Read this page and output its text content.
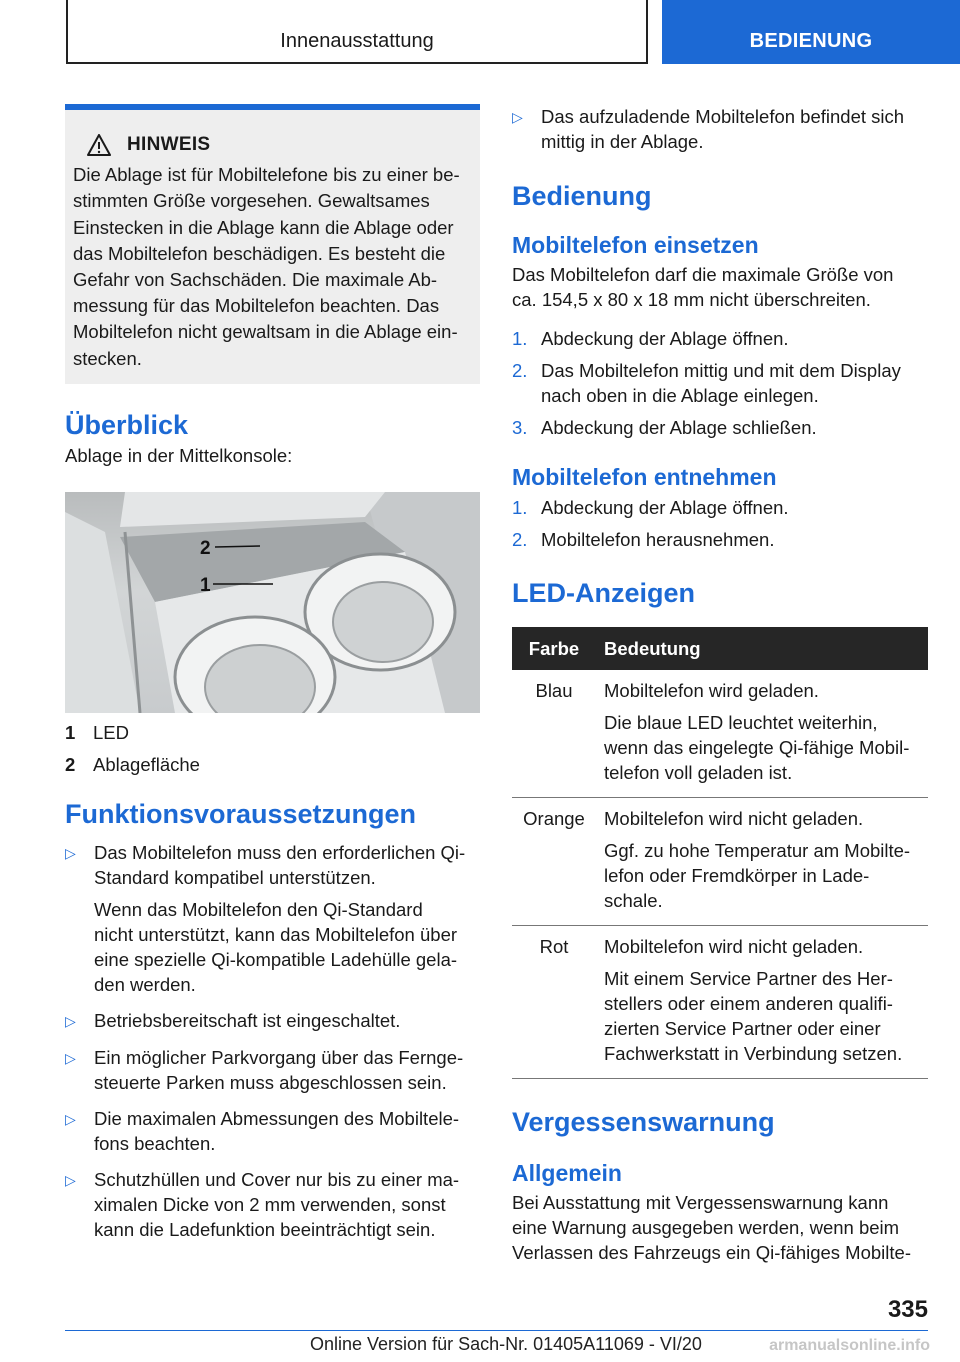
Innenausstattung	BEDIENUNG
HINWEIS
Die Ablage ist für Mobiltelefone bis zu einer be-
stimmten Größe vorgesehen. Gewaltsames
Einstecken in die Ablage kann die Ablage oder
das Mobiltelefon beschädigen. Es besteht die
Gefahr von Sachschäden. Die maximale Ab-
messung für das Mobiltelefon beachten. Das
Mobiltelefon nicht gewaltsam in die Ablage ein-
stecken.
Überblick

Ablage in der Mittelkonsole:

2
1
1 LED
2 Ablagefläche
Funktionsvoraussetzungen
▷ Das Mobiltelefon muss den erforderlichen Qi-
Standard kompatibel unterstützen.
Wenn das Mobiltelefon den Qi-Standard
nicht unterstützt, kann das Mobiltelefon über
eine spezielle Qi-kompatible Ladehülle gela-
den werden.
▷ Betriebsbereitschaft ist eingeschaltet.
▷ Ein möglicher Parkvorgang über das Fernge-
steuerte Parken muss abgeschlossen sein.
▷ Die maximalen Abmessungen des Mobiltele-
fons beachten.
▷ Schutzhüllen und Cover nur bis zu einer ma-
ximalen Dicke von 2 mm verwenden, sonst
kann die Ladefunktion beeinträchtigt sein.
▷ Das aufzuladende Mobiltelefon befindet sich
mittig in der Ablage.
Bedienung
Mobiltelefon einsetzen

Das Mobiltelefon darf die maximale Größe von
ca. 154,5 x 80 x 18 mm nicht überschreiten.

1. Abdeckung der Ablage öffnen.
2. Das Mobiltelefon mittig und mit dem Display
nach oben in die Ablage einlegen.
3. Abdeckung der Ablage schließen.
Mobiltelefon entnehmen
1. Abdeckung der Ablage öffnen.
2. Mobiltelefon herausnehmen.
LED-Anzeigen
Farbe	Bedeutung
Blau	Mobiltelefon wird geladen.
Die blaue LED leuchtet weiterhin,
wenn das eingelegte Qi-fähige Mobil-
telefon voll geladen ist.

Orange	Mobiltelefon wird nicht geladen.
Ggf. zu hohe Temperatur am Mobilte-
lefon oder Fremdkörper in Lade-
schale.

Rot	Mobiltelefon wird nicht geladen.
Mit einem Service Partner des Her-
stellers oder einem anderen qualifi-
zierten Service Partner oder einer
Fachwerkstatt in Verbindung setzen.
Vergessenswarnung
Allgemein

Bei Ausstattung mit Vergessenswarnung kann
eine Warnung ausgegeben werden, wenn beim
Verlassen des Fahrzeugs ein Qi-fähiges Mobilte-

335
Online Version für Sach-Nr. 01405A11069 - VI/20	armanualsonline.info
